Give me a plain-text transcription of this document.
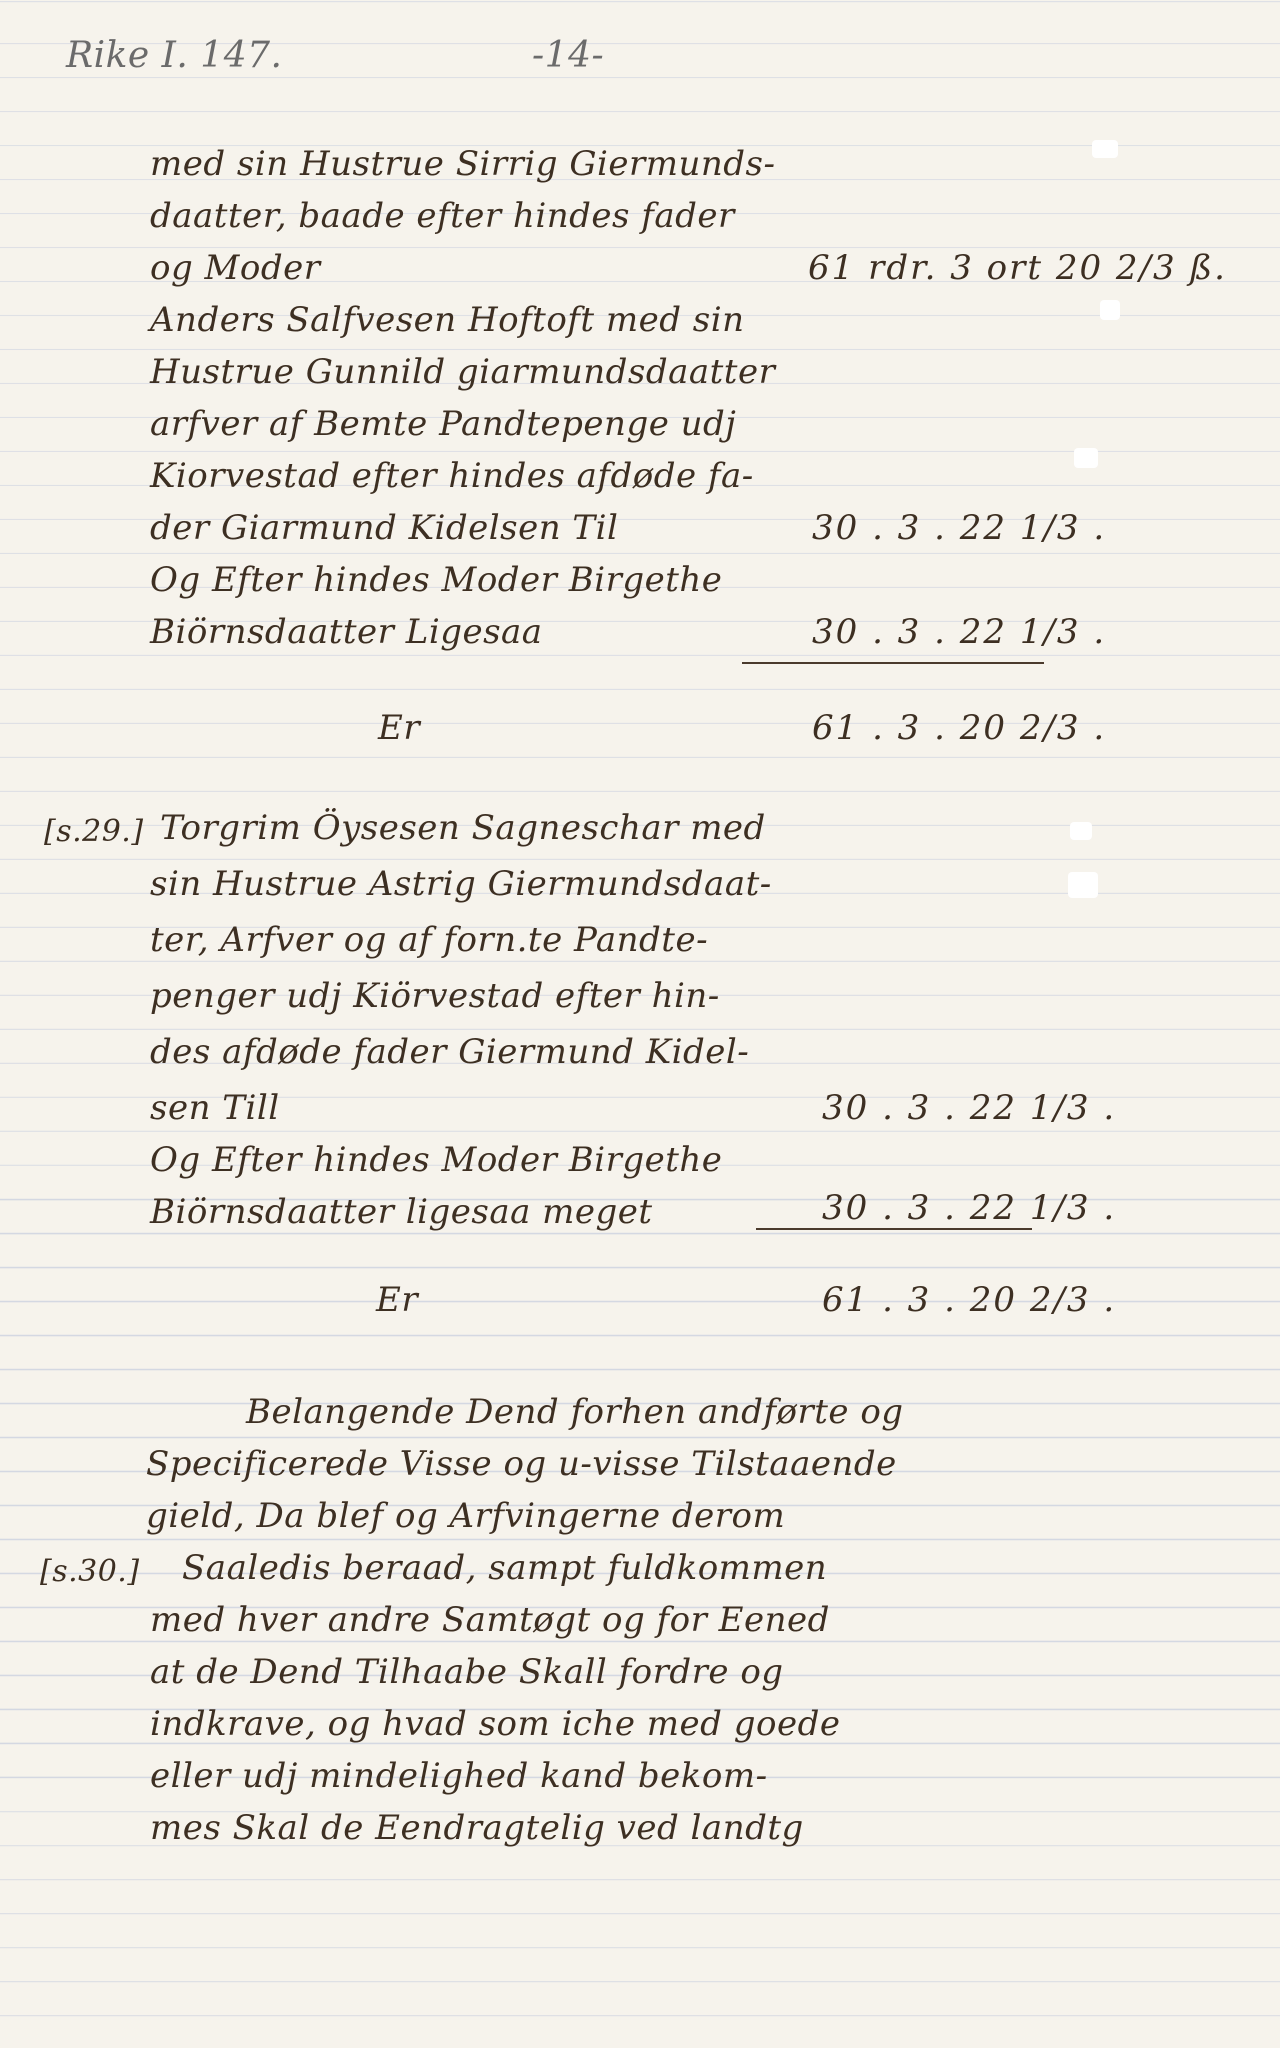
Rike I. 147.	-14-
med sin Hustrue Sirrig Giermunds-
daatter, baade efter hindes fader
og Moder	61 rdr. 3 ort 20 2/3 ß.
Anders Salfvesen Hoftoft med sin
Hustrue Gunnild giarmundsdaatter
arfver af Bemte Pandtepenge udj
Kiorvestad efter hindes afdøde fa-
der Giarmund Kidelsen Til	30 . 3 . 22 1/3 .
Og Efter hindes Moder Birgethe
Biörnsdaatter Ligesaa	30 . 3 . 22 1/3 .
Er	61 . 3 . 20 2/3 .
[s.29.] Torgrim Öysesen Sagneschar med
sin Hustrue Astrig Giermundsdaat-
ter, Arfver og af forn.te Pandte-
penger udj Kiörvestad efter hin-
des afdøde fader Giermund Kidel-
sen Till	30 . 3 . 22 1/3 .
Og Efter hindes Moder Birgethe
Biörnsdaatter ligesaa meget	30 . 3 . 22 1/3 .
Er	61 . 3 . 20 2/3 .
Belangende Dend forhen andførte og
Specificerede Visse og u-visse Tilstaaende
gield, Da blef og Arfvingerne derom
[s.30.] Saaledis beraad, sampt fuldkommen
med hver andre Samtøgt og for Eened
at de Dend Tilhaabe Skall fordre og
indkrave, og hvad som iche med goede
eller udj mindelighed kand bekom-
mes Skal de Eendragtelig ved landtg
